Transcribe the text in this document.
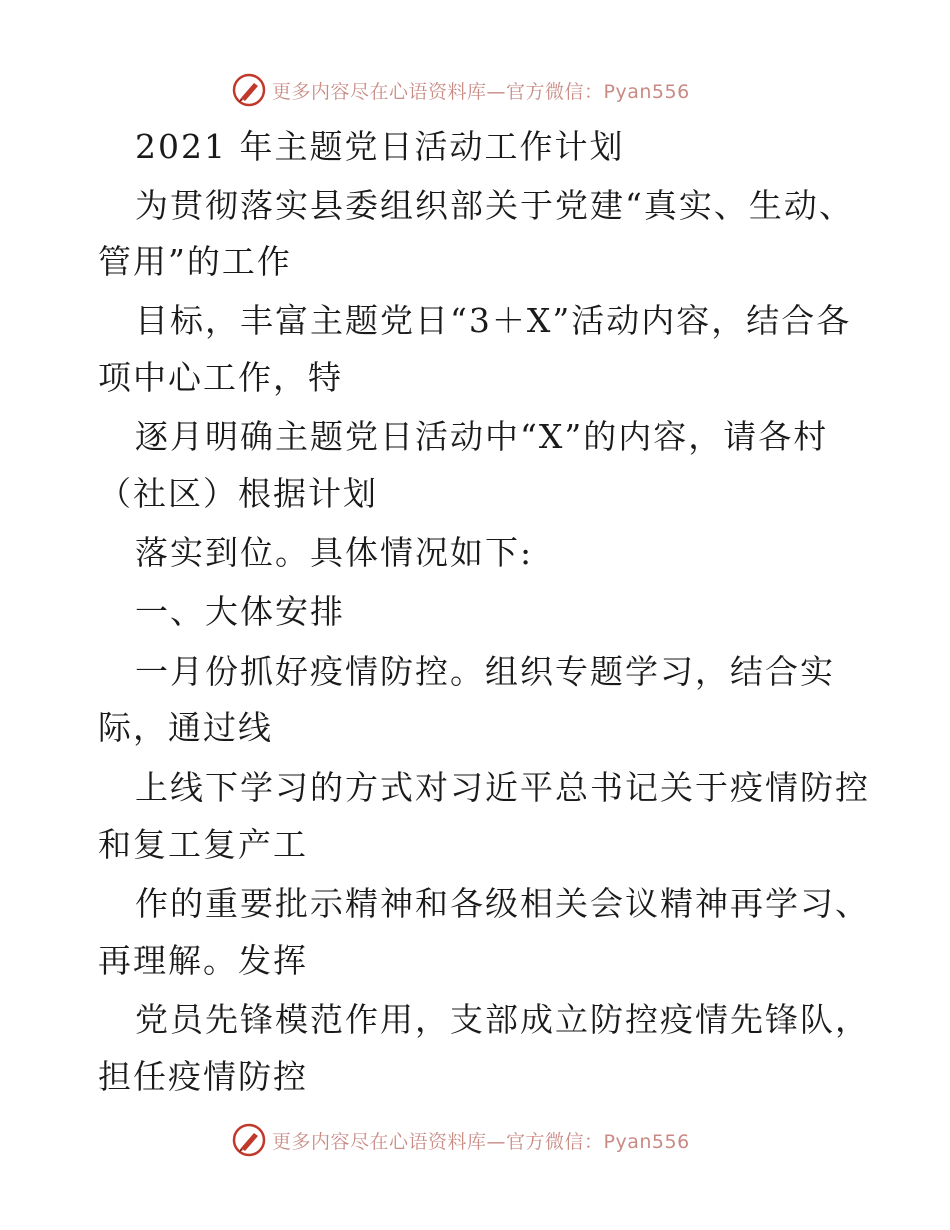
更多内容尽在心语资料库—官方微信：Pyan556
2021 年主题党日活动工作计划
为贯彻落实县委组织部关于党建“真实、生动、
管用”的工作
目标，丰富主题党日“3＋X”活动内容，结合各
项中心工作，特
逐月明确主题党日活动中“X”的内容，请各村
（社区）根据计划
落实到位。具体情况如下:
一、大体安排
一月份抓好疫情防控。组织专题学习，结合实
际，通过线
上线下学习的方式对习近平总书记关于疫情防控
和复工复产工
作的重要批示精神和各级相关会议精神再学习、
再理解。发挥
党员先锋模范作用，支部成立防控疫情先锋队，
担任疫情防控
更多内容尽在心语资料库—官方微信：Pyan556
